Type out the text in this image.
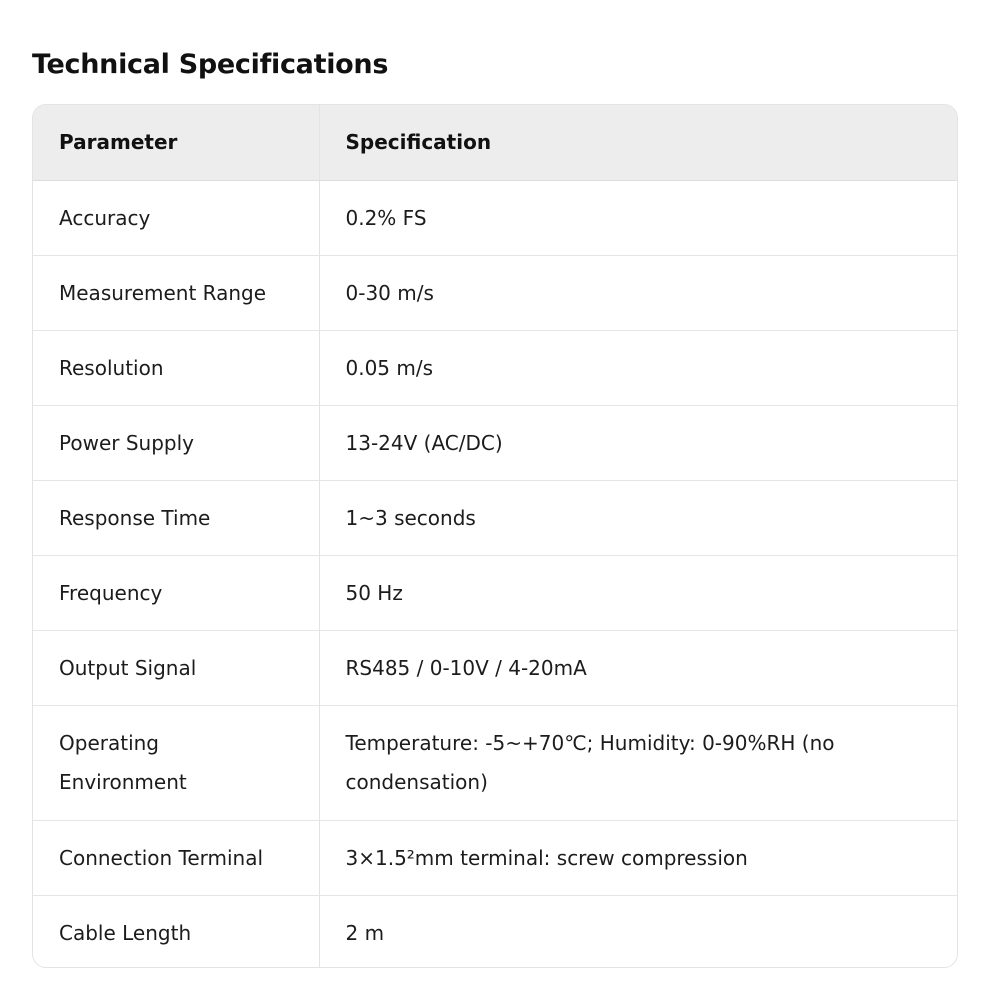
Technical Specifications
Parameter	Specification
Accuracy	0.2% FS
Measurement Range	0-30 m/s
Resolution	0.05 m/s
Power Supply	13-24V (AC/DC)
Response Time	1~3 seconds
Frequency	50 Hz
Output Signal	RS485 / 0-10V / 4-20mA
Operating Environment	Temperature: -5~+70℃; Humidity: 0-90%RH (no condensation)
Connection Terminal	3×1.5²mm terminal: screw compression
Cable Length	2 m
